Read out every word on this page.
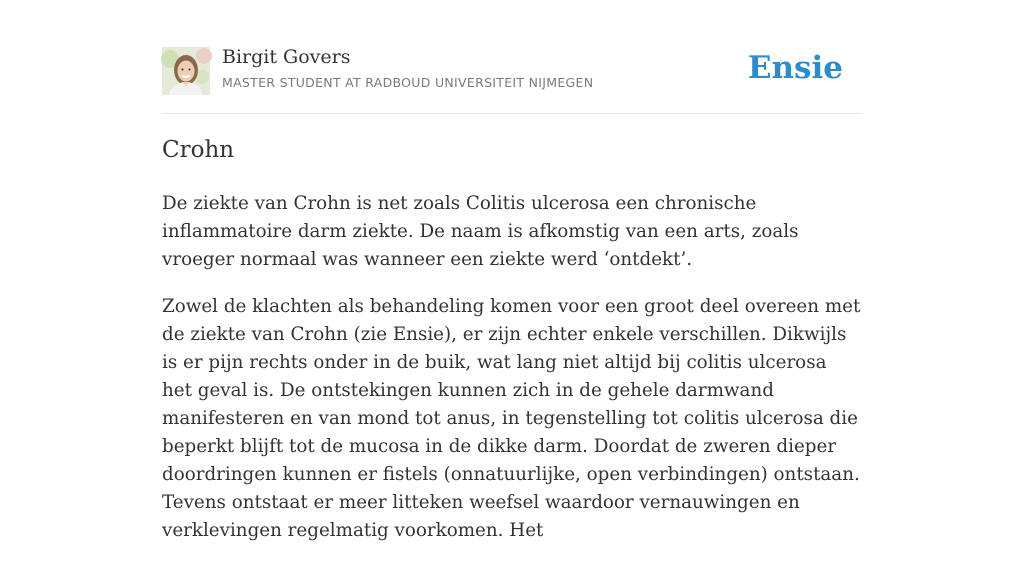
Birgit Govers
MASTER STUDENT AT RADBOUD UNIVERSITEIT NIJMEGEN	Ensie
Crohn

De ziekte van Crohn is net zoals Colitis ulcerosa een chronische inflammatoire darm ziekte. De naam is afkomstig van een arts, zoals vroeger normaal was wanneer een ziekte werd ‘ontdekt’.

Zowel de klachten als behandeling komen voor een groot deel overeen met de ziekte van Crohn (zie Ensie), er zijn echter enkele verschillen. Dikwijls is er pijn rechts onder in de buik, wat lang niet altijd bij colitis ulcerosa het geval is. De ontstekingen kunnen zich in de gehele darmwand manifesteren en van mond tot anus, in tegenstelling tot colitis ulcerosa die beperkt blijft tot de mucosa in de dikke darm. Doordat de zweren dieper doordringen kunnen er fistels (onnatuurlijke, open verbindingen) ontstaan. Tevens ontstaat er meer litteken weefsel waardoor vernauwingen en verklevingen regelmatig voorkomen. Het
